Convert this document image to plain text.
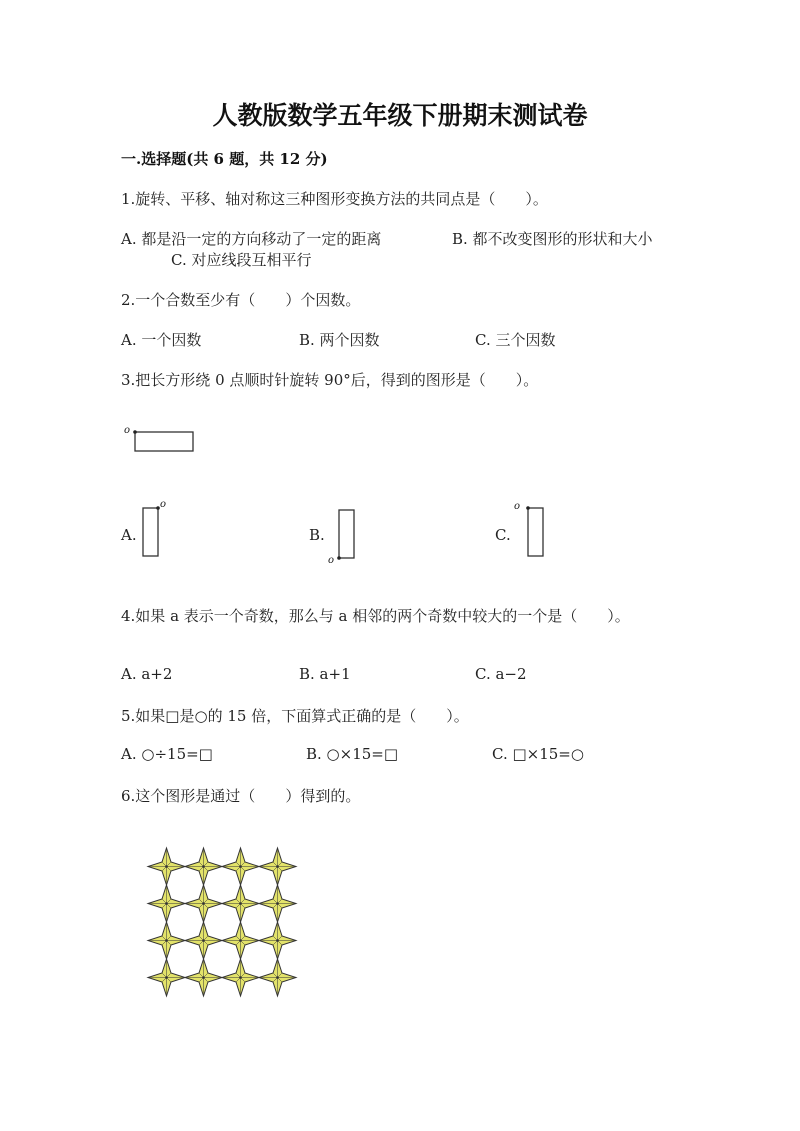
人教版数学五年级下册期末测试卷
一.选择题(共 6 题，共 12 分)
1.旋转、平移、轴对称这三种图形变换方法的共同点是（　　）。
A. 都是沿一定的方向移动了一定的距离	B. 都不改变图形的形状和大小
C. 对应线段互相平行
2.一个合数至少有（　　）个因数。
A. 一个因数	B. 两个因数	C. 三个因数
3.把长方形绕 0 点顺时针旋转 90°后，得到的图形是（　　）。
o
A.
o
B.
o
C.
o
4.如果 a 表示一个奇数，那么与 a 相邻的两个奇数中较大的一个是（　　）。
A. a+2	B. a+1	C. a−2
5.如果□是○的 15 倍，下面算式正确的是（　　）。
A. ○÷15=□	B. ○×15=□	C. □×15=○
6.这个图形是通过（　　）得到的。
